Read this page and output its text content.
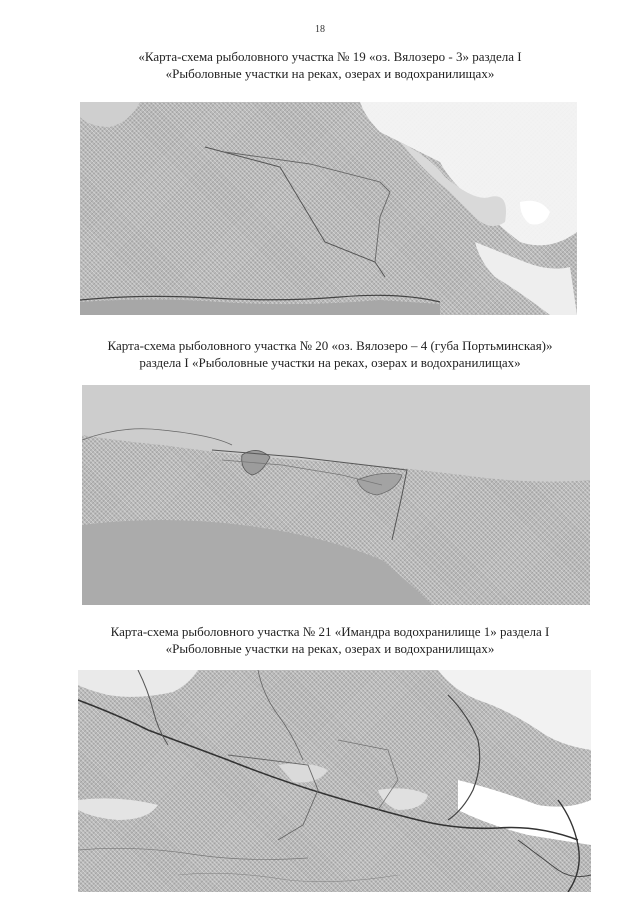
18
«Карта-схема рыболовного участка № 19 «оз. Вялозеро - 3» раздела I
«Рыболовные участки на реках, озерах и водохранилищах»
Карта-схема рыболовного участка № 20 «оз. Вялозеро – 4 (губа Портьминская)»
раздела I «Рыболовные участки на реках, озерах и водохранилищах»
Карта-схема рыболовного участка № 21 «Имандра водохранилище 1» раздела I
«Рыболовные участки на реках, озерах и водохранилищах»
